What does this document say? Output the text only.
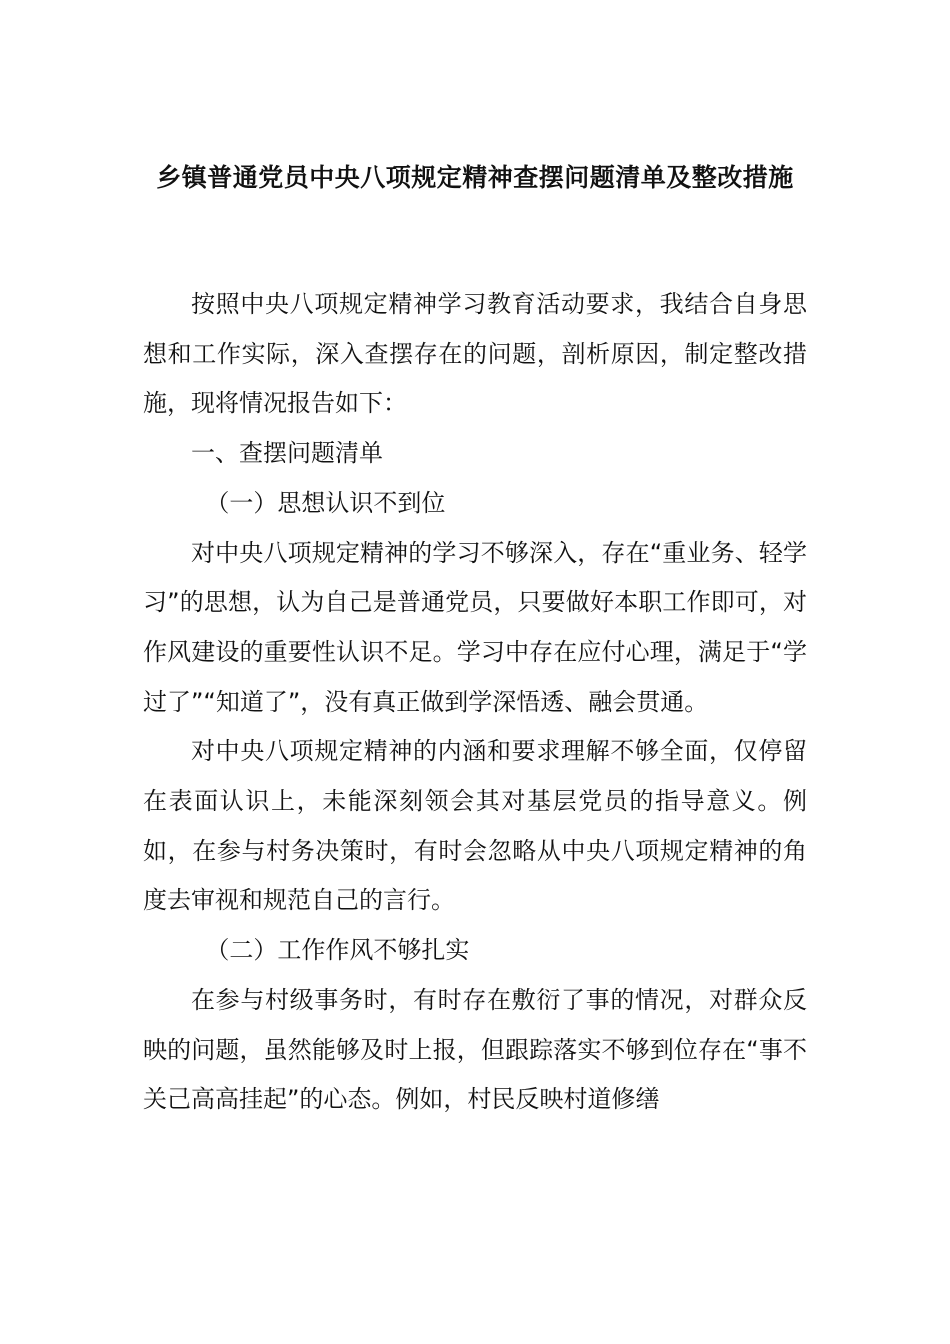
乡镇普通党员中央八项规定精神查摆问题清单及整改措施

按照中央八项规定精神学习教育活动要求，我结合自身思想和工作实际，深入查摆存在的问题，剖析原因，制定整改措施，现将情况报告如下：

一、查摆问题清单

（一）思想认识不到位

对中央八项规定精神的学习不够深入，存在“重业务、轻学习”的思想，认为自己是普通党员，只要做好本职工作即可，对作风建设的重要性认识不足。学习中存在应付心理，满足于“学过了”“知道了”，没有真正做到学深悟透、融会贯通。

对中央八项规定精神的内涵和要求理解不够全面，仅停留在表面认识上，未能深刻领会其对基层党员的指导意义。例如，在参与村务决策时，有时会忽略从中央八项规定精神的角度去审视和规范自己的言行。

（二）工作作风不够扎实

在参与村级事务时，有时存在敷衍了事的情况，对群众反映的问题，虽然能够及时上报，但跟踪落实不够到位存在“事不关己高高挂起”的心态。例如，村民反映村道修缮
